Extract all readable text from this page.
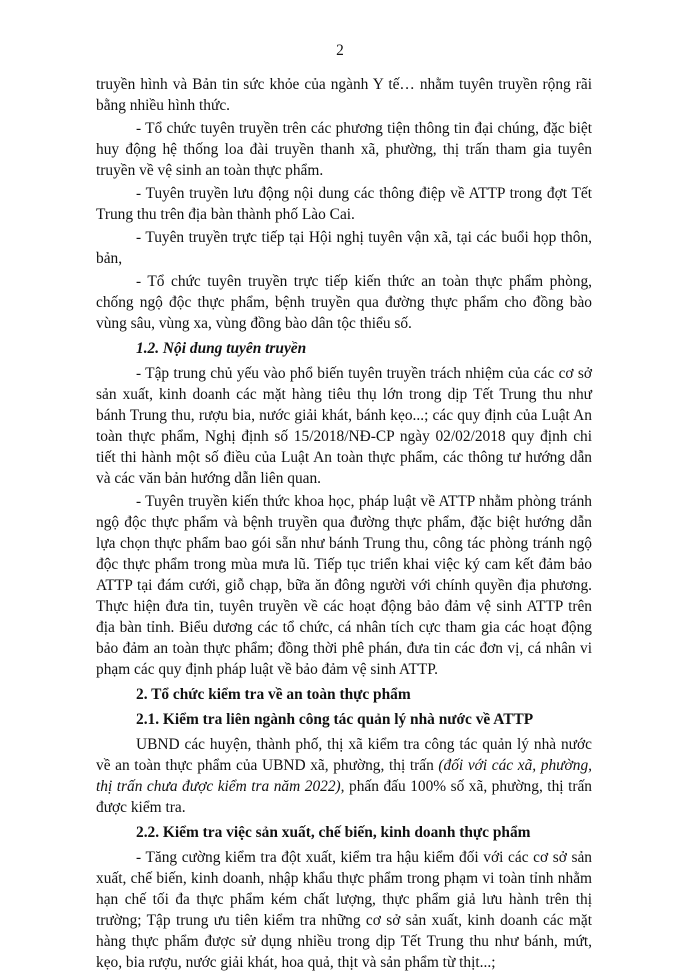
2

truyền hình và Bản tin sức khỏe của ngành Y tế… nhằm tuyên truyền rộng rãi bằng nhiều hình thức.

- Tổ chức tuyên truyền trên các phương tiện thông tin đại chúng, đặc biệt huy động hệ thống loa đài truyền thanh xã, phường, thị trấn tham gia tuyên truyền về vệ sinh an toàn thực phẩm.

- Tuyên truyền lưu động nội dung các thông điệp về ATTP trong đợt Tết Trung thu trên địa bàn thành phố Lào Cai.

- Tuyên truyền trực tiếp tại Hội nghị tuyên vận xã, tại các buổi họp thôn, bản,

- Tổ chức tuyên truyền trực tiếp kiến thức an toàn thực phẩm phòng, chống ngộ độc thực phẩm, bệnh truyền qua đường thực phẩm cho đồng bào vùng sâu, vùng xa, vùng đồng bào dân tộc thiểu số.

1.2. Nội dung tuyên truyền

- Tập trung chủ yếu vào phổ biến tuyên truyền trách nhiệm của các cơ sở sản xuất, kinh doanh các mặt hàng tiêu thụ lớn trong dịp Tết Trung thu như bánh Trung thu, rượu bia, nước giải khát, bánh kẹo...; các quy định của Luật An toàn thực phẩm, Nghị định số 15/2018/NĐ-CP ngày 02/02/2018 quy định chi tiết thi hành một số điều của Luật An toàn thực phẩm, các thông tư hướng dẫn và các văn bản hướng dẫn liên quan.

- Tuyên truyền kiến thức khoa học, pháp luật về ATTP nhằm phòng tránh ngộ độc thực phẩm và bệnh truyền qua đường thực phẩm, đặc biệt hướng dẫn lựa chọn thực phẩm bao gói sẵn như bánh Trung thu, công tác phòng tránh ngộ độc thực phẩm trong mùa mưa lũ. Tiếp tục triển khai việc ký cam kết đảm bảo ATTP tại đám cưới, giỗ chạp, bữa ăn đông người với chính quyền địa phương. Thực hiện đưa tin, tuyên truyền về các hoạt động bảo đảm vệ sinh ATTP trên địa bàn tỉnh. Biểu dương các tổ chức, cá nhân tích cực tham gia các hoạt động bảo đảm an toàn thực phẩm; đồng thời phê phán, đưa tin các đơn vị, cá nhân vi phạm các quy định pháp luật về bảo đảm vệ sinh ATTP.

2. Tổ chức kiểm tra về an toàn thực phẩm

2.1. Kiểm tra liên ngành công tác quản lý nhà nước về ATTP

UBND các huyện, thành phố, thị xã kiểm tra công tác quản lý nhà nước về an toàn thực phẩm của UBND xã, phường, thị trấn (đối với các xã, phường, thị trấn chưa được kiểm tra năm 2022), phấn đấu 100% số xã, phường, thị trấn được kiểm tra.

2.2. Kiểm tra việc sản xuất, chế biến, kinh doanh thực phẩm

- Tăng cường kiểm tra đột xuất, kiểm tra hậu kiểm đối với các cơ sở sản xuất, chế biến, kinh doanh, nhập khẩu thực phẩm trong phạm vi toàn tỉnh nhằm hạn chế tối đa thực phẩm kém chất lượng, thực phẩm giả lưu hành trên thị trường; Tập trung ưu tiên kiểm tra những cơ sở sản xuất, kinh doanh các mặt hàng thực phẩm được sử dụng nhiều trong dịp Tết Trung thu như bánh, mứt, kẹo, bia rượu, nước giải khát, hoa quả, thịt và sản phẩm từ thịt...;
